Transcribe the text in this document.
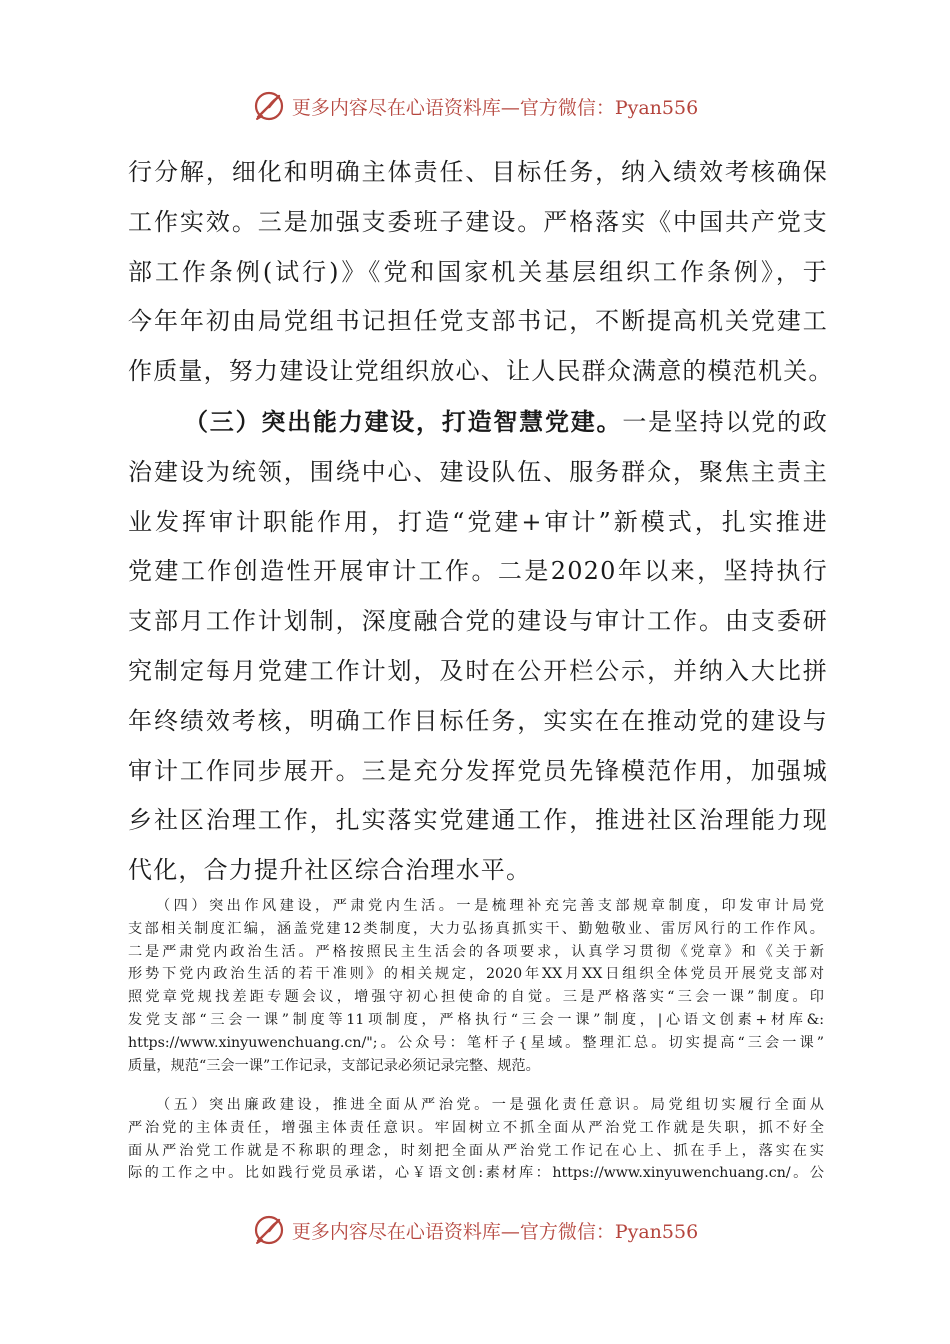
更多内容尽在心语资料库—官方微信：Pyan556
行分解，细化和明确主体责任、目标任务，纳入绩效考核确保
工作实效。三是加强支委班子建设。严格落实《中国共产党支
部工作条例(试行)》《党和国家机关基层组织工作条例》，于
今年年初由局党组书记担任党支部书记，不断提高机关党建工
作质量，努力建设让党组织放心、让人民群众满意的模范机关。
（三）突出能力建设，打造智慧党建。一是坚持以党的政
治建设为统领，围绕中心、建设队伍、服务群众，聚焦主责主
业发挥审计职能作用，打造“党建+审计”新模式，扎实推进
党建工作创造性开展审计工作。二是2020年以来，坚持执行
支部月工作计划制，深度融合党的建设与审计工作。由支委研
究制定每月党建工作计划，及时在公开栏公示，并纳入大比拼
年终绩效考核，明确工作目标任务，实实在在推动党的建设与
审计工作同步展开。三是充分发挥党员先锋模范作用，加强城
乡社区治理工作，扎实落实党建通工作，推进社区治理能力现
代化，合力提升社区综合治理水平。
（四）突出作风建设，严肃党内生活。一是梳理补充完善支部规章制度，印发审计局党
支部相关制度汇编，涵盖党建12类制度，大力弘扬真抓实干、勤勉敬业、雷厉风行的工作作风。
二是严肃党内政治生活。严格按照民主生活会的各项要求，认真学习贯彻《党章》和《关于新
形势下党内政治生活的若干准则》的相关规定，2020年XX月XX日组织全体党员开展党支部对
照党章党规找差距专题会议，增强守初心担使命的自觉。三是严格落实“三会一课”制度。印
发党支部“三会一课”制度等11项制度，严格执行“三会一课”制度，|心语文创素+材库&:
https://www.xinyuwenchuang.cn/";。公众号：笔杆子{星域。整理汇总。切实提高“三会一课”
质量，规范“三会一课”工作记录，支部记录必须记录完整、规范。
（五）突出廉政建设，推进全面从严治党。一是强化责任意识。局党组切实履行全面从
严治党的主体责任，增强主体责任意识。牢固树立不抓全面从严治党工作就是失职，抓不好全
面从严治党工作就是不称职的理念，时刻把全面从严治党工作记在心上、抓在手上，落实在实
际的工作之中。比如践行党员承诺，心￥语文创:素材库：https://www.xinyuwenchuang.cn/。公
更多内容尽在心语资料库—官方微信：Pyan556
